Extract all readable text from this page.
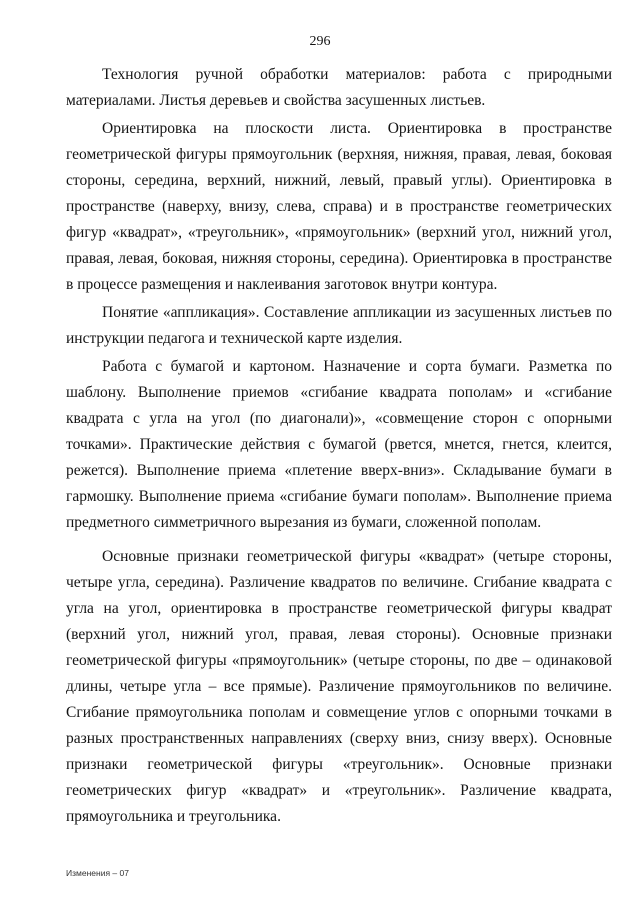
296

Технология ручной обработки материалов: работа с природными материалами. Листья деревьев и свойства засушенных листьев.

Ориентировка на плоскости листа. Ориентировка в пространстве геометрической фигуры прямоугольник (верхняя, нижняя, правая, левая, боковая стороны, середина, верхний, нижний, левый, правый углы). Ориентировка в пространстве (наверху, внизу, слева, справа) и в пространстве геометрических фигур «квадрат», «треугольник», «прямоугольник» (верхний угол, нижний угол, правая, левая, боковая, нижняя стороны, середина). Ориентировка в пространстве в процессе размещения и наклеивания заготовок внутри контура.

Понятие «аппликация». Составление аппликации из засушенных листьев по инструкции педагога и технической карте изделия.

Работа с бумагой и картоном. Назначение и сорта бумаги. Разметка по шаблону. Выполнение приемов «сгибание квадрата пополам» и «сгибание квадрата с угла на угол (по диагонали)», «совмещение сторон с опорными точками». Практические действия с бумагой (рвется, мнется, гнется, клеится, режется). Выполнение приема «плетение вверх-вниз». Складывание бумаги в гармошку. Выполнение приема «сгибание бумаги пополам». Выполнение приема предметного симметричного вырезания из бумаги, сложенной пополам.

Основные признаки геометрической фигуры «квадрат» (четыре стороны, четыре угла, середина). Различение квадратов по величине. Сгибание квадрата с угла на угол, ориентировка в пространстве геометрической фигуры квадрат (верхний угол, нижний угол, правая, левая стороны). Основные признаки геометрической фигуры «прямоугольник» (четыре стороны, по две – одинаковой длины, четыре угла – все прямые). Различение прямоугольников по величине. Сгибание прямоугольника пополам и совмещение углов с опорными точками в разных пространственных направлениях (сверху вниз, снизу вверх). Основные признаки геометрической фигуры «треугольник». Основные признаки геометрических фигур «квадрат» и «треугольник». Различение квадрата, прямоугольника и треугольника.

Изменения – 07
